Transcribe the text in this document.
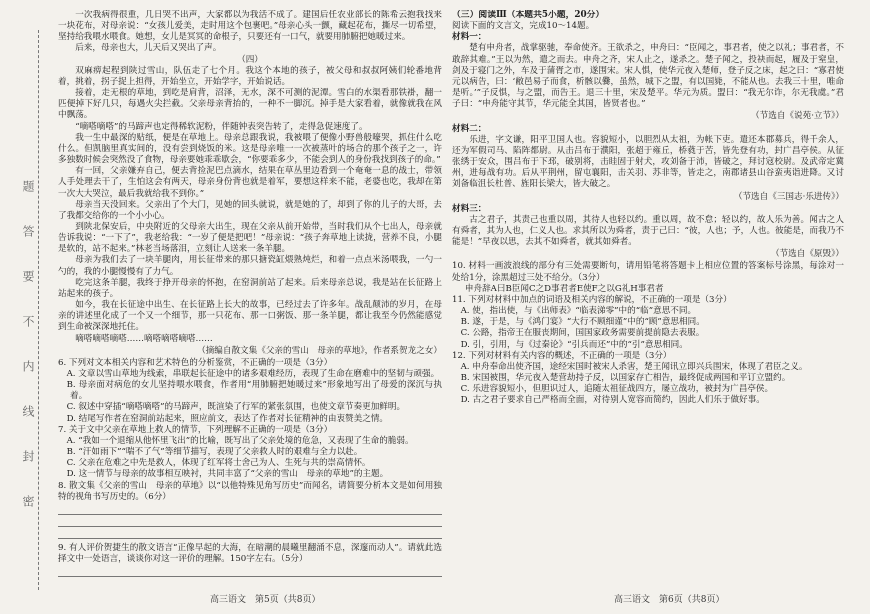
题
答
要
不
内
线
封
密

一次我病得很重，几日哭不出声，大家都以为我活不成了。建国后任农业部长的陈希云抱我找来一块花布，对母亲说：“女孩儿爱美，走时用这个包裹吧。”母亲心头一颤，藏起花布，撕尽一切希望，坚持给我喂水喂食。她想，女儿是冥冥的命根子，只要还有一口气，就要用肺腑把她暖过来。

后来，母亲也大，儿天后又哭出了声。

（四）

双麻痹起程到陕过雪山，队伍走了七个月。我这个本地的孩子，被父母和叔叔阿姨们轮番地背着，挑着，拐子捉上担得，开始坐立，开始学字，开始说话。

接着，走无根的草地，到吃是肩背，沼泽，无水，深不可测的泥潭。雪白的水渠看那铁褂，翻一匹便掉下好几只，每遇火尖拦截。父亲母亲背抬的，一种不一脚沉。掉手是大家看着，就像就我在风中飘荡。

“嘀嗒嘀嗒”的马蹄声也定得稀软泥粉，伴随钟表突告转了，走得急促速度了。

我一生中最深的贴纸，便是在草地上。母亲总跟我说，我被喂了便像小野兽般嚎哭，抓住什么吃什么。但凯脑里真实间的，没有尝到烧饭的米。这是母亲唯一一次被蒸叶的场合的那个孩子之一，许多独数时候会突然没了食物，母亲要她乖乖歇会，“你要乖多少，不能会到人的身份我找到孩子的命。”

有一回，父亲嫌弃自己，便去背捡泥巴点滴水，结果在草丛里边看到一个奄奄一息的战士，带领人手处理去干了，生怕这会有两天，母亲身份背也就是着军，要想这样来不能，老婆也吃，我却在第一次大大哭泣，最后我就给我不到你。”

母亲当天没回来。父亲出了个大门，见她的回头就说，就是她的了，却到了你的儿子的大哥，去了我都交给你的一个小小心。

到陕北保安后，中央附近的父母亲大出生，现在父亲从前开始带，当时我们从个七出人，母亲就告诉我说：“一下了”，我老给我：“一岁了便是把吧！”母亲说：“孩子奔草地上读拢，营养不良，小腿是软的，站不起来。”林老当场落泪，立刻让人送来一条羊腿。

母亲为我们去了一块羊腿肉，用长征带来的那只搪瓷缸煨熟炖烂，和着一点点米汤喂我，一勺一勺的，我的小腿慢慢有了力气。

吃完这条羊腿，我终于挣开母亲的怀抱，在窑洞前站了起来。后来母亲总说，我是站在长征路上站起来的孩子。

如今，我在长征途中出生、在长征路上长大的故事，已经过去了许多年。战乱颠沛的岁月，在母亲的讲述里化成了一个又一个细节，那一只花布、那一口粥饭、那一条羊腿，都让我至今仍然能感觉到生命被深深地托住。

嘀嗒嘀嗒嘀嗒……嘀嗒嘀嗒嘀嗒……

（摘编自散文集《父亲的雪山　母亲的草地》，作者系贺龙之女）

6. 下列对文本相关内容和艺术特色的分析鉴赏，不正确的一项是（3分）

A. 文章以雪山草地为线索，串联起长征途中的诸多艰难经历，表现了生命在磨难中的坚韧与顽强。

B. 母亲面对病危的女儿坚持喂水喂食，作者用“用肺腑把她暖过来”形象地写出了母爱的深沉与执着。

C. 叙述中穿插“嘀嗒嘀嗒”的马蹄声，既渲染了行军的紧张氛围，也使文章节奏更加鲜明。

D. 结尾写作者在窑洞前站起来，照应前文，表达了作者对长征精神的由衷赞美之情。

7. 关于文中父亲在草地上救人的情节，下列理解不正确的一项是（3分）

A. “我如一个退缩从他怀里飞出”的比喻，既写出了父亲处境的危急，又表现了生命的脆弱。

B. “汗如雨下”“喘不了气”等细节描写，表现了父亲救人时的艰难与全力以赴。

C. 父亲在危难之中先是救人，体现了红军将士舍己为人、生死与共的崇高情怀。

D. 这一情节与母亲的故事相互映衬，共同丰富了“父亲的雪山　母亲的草地”的主题。

8. 散文集《父亲的雪山　母亲的草地》以“以他特殊见角写历史”而闻名，请简要分析本文是如何用独特的视角书写历史的。（6分）

9. 有人评价贺捷生的散文语言“正像早起的大海，在暗潮的晨曦里翻涌不息，深邃而动人”。请就此选择文中一处语言，谈谈你对这一评价的理解。150字左右。（5分）

（三）阅读Ⅲ（本题共5小题，20分）

阅读下面的文言文，完成10～14题。

材料一：

楚有申舟者，战掌驱驰，奉命使齐。王欲杀之，申舟曰：“臣闻之，事君者，使之以礼；事君者，不敢辞其难。”王以为然，遣之而去。申舟之齐，宋人止之，遂杀之。楚子闻之，投袂而起，履及于窒皇，剑及于寝门之外，车及于蒲胥之市，遂围宋。宋人惧，使华元夜入楚师，登子反之床，起之曰：“寡君使元以病告，曰：‘敝邑易子而食，析骸以爨，虽然，城下之盟，有以国毙，不能从也。去我三十里，唯命是听。’”子反惧，与之盟，而告王。退三十里，宋及楚平。华元为质。盟曰：“我无尔诈，尔无我虞。”君子曰：“申舟能守其节，华元能全其国，皆贤者也。”

（节选自《说苑·立节》）

材料二：

乐进，字文谦，阳平卫国人也。容貌短小，以胆烈从太祖，为帐下吏。遣还本郡募兵，得千余人，还为军假司马、陷阵都尉。从击吕布于濮阳，张超于雍丘，桥蕤于苦，皆先登有功，封广昌亭侯。从征张绣于安众，围吕布于下邳，破别将，击眭固于射犬，攻刘备于沛，皆破之，拜讨寇校尉。及武帝定冀州，进每战有功。后从平荆州，留屯襄阳，击关羽、苏非等，皆走之，南郡诸县山谷蛮夷诣进降。又讨刘备临沮长杜普、旌阳长梁大，皆大破之。

（节选自《三国志·乐进传》）

材料三：

古之君子，其责己也重以周，其待人也轻以约。重以周，故不怠；轻以约，故人乐为善。闻古之人有舜者，其为人也，仁义人也。求其所以为舜者，责于己曰：“彼，人也；予，人也。彼能是，而我乃不能是！”早夜以思，去其不如舜者，就其如舜者。

（节选自《原毁》）

10. 材料一画波浪线的部分有三处需要断句，请用铅笔将答题卡上相应位置的答案标号涂黑，每涂对一处给1分，涂黑超过三处不给分。（3分）

申舟辞A曰B臣闻C之D事君者E使F之以G礼H事君者

11. 下列对材料中加点的词语及相关内容的解说，不正确的一项是（3分）

A. 使，指出使，与《出师表》“临表涕零”中的“临”意思不同。

B. 遂，于是，与《鸿门宴》“大行不顾细谨”中的“顾”意思相同。

C. 公路，指帝王在服丧期间，国国家政务需要前提前隐去表服。

D. 引，引用，与《过秦论》“引兵而还”中的“引”意思相同。

12. 下列对材料有关内容的概述，不正确的一项是（3分）

A. 申舟奉命出使齐国，途经宋国时被宋人杀害，楚王闻讯立即兴兵围宋，体现了君臣之义。

B. 宋国被围，华元夜入楚营劫持子反，以国家存亡相告，最终促成两国和平订立盟约。

C. 乐进容貌短小，但胆识过人，追随太祖征战四方，屡立战功，被封为广昌亭侯。

D. 古之君子要求自己严格而全面，对待别人宽容而简约，因此人们乐于做好事。

高三语文　第5页（共8页）	高三语文　第6页（共8页）
